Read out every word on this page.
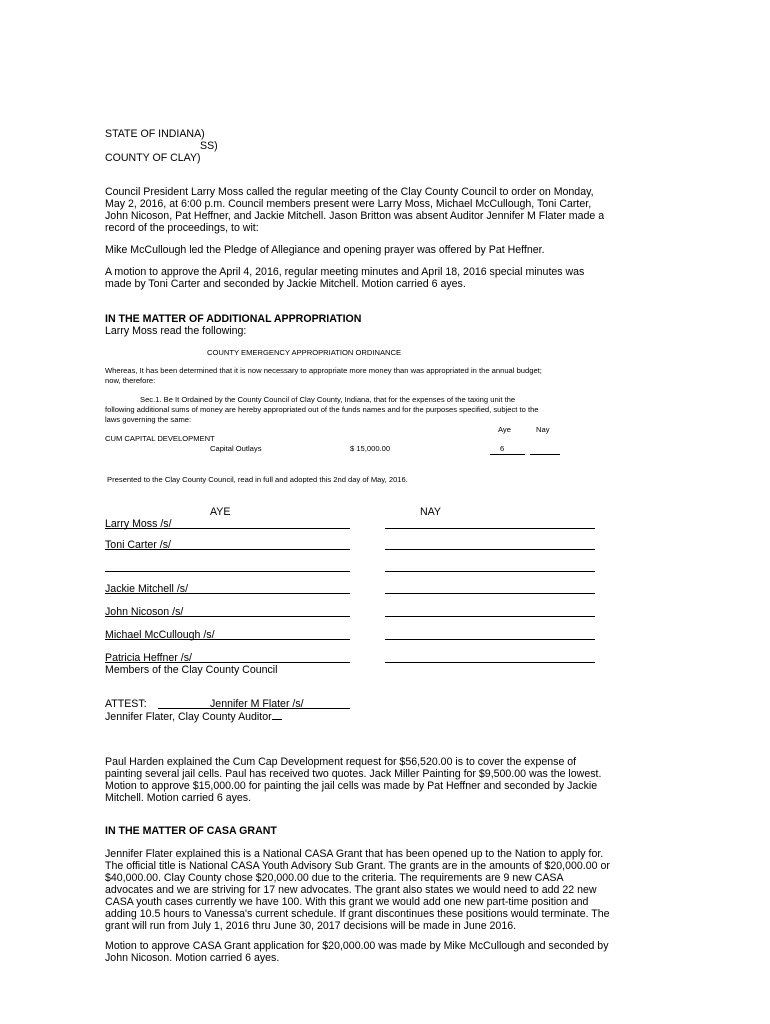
STATE OF INDIANA)
SS)
COUNTY OF CLAY)
Council President Larry Moss called the regular meeting of the Clay County Council to order on Monday,
May 2, 2016, at 6:00 p.m. Council members present were Larry Moss, Michael McCullough, Toni Carter,
John Nicoson, Pat Heffner, and Jackie Mitchell. Jason Britton was absent Auditor Jennifer M Flater made a
record of the proceedings, to wit:
Mike McCullough led the Pledge of Allegiance and opening prayer was offered by Pat Heffner.
A motion to approve the April 4, 2016, regular meeting minutes and April 18, 2016 special minutes was
made by Toni Carter and seconded by Jackie Mitchell. Motion carried 6 ayes.
IN THE MATTER OF ADDITIONAL APPROPRIATION
Larry Moss read the following:
COUNTY EMERGENCY APPROPRIATION ORDINANCE
Whereas, It has been determined that it is now necessary to appropriate more money than was appropriated in the annual budget;
now, therefore:
Sec.1. Be It Ordained by the County Council of Clay County, Indiana, that for the expenses of the taxing unit the
following additional sums of money are hereby appropriated out of the funds names and for the purposes specified, subject to the
laws governing the same:
Aye	Nay
CUM CAPITAL DEVELOPMENT
Capital Outlays	$ 15,000.00	6
Presented to the Clay County Council, read in full and adopted this 2nd day of May, 2016.
AYE	NAY
Larry Moss /s/
Toni Carter /s/
Jackie Mitchell /s/
John Nicoson /s/
Michael McCullough /s/
Patricia Heffner /s/
Members of the Clay County Council
ATTEST:	Jennifer M Flater /s/
Jennifer Flater, Clay County Auditor
Paul Harden explained the Cum Cap Development request for $56,520.00 is to cover the expense of
painting several jail cells. Paul has received two quotes. Jack Miller Painting for $9,500.00 was the lowest.
Motion to approve $15,000.00 for painting the jail cells was made by Pat Heffner and seconded by Jackie
Mitchell. Motion carried 6 ayes.
IN THE MATTER OF CASA GRANT
Jennifer Flater explained this is a National CASA Grant that has been opened up to the Nation to apply for.
The official title is National CASA Youth Advisory Sub Grant. The grants are in the amounts of $20,000.00 or
$40,000.00. Clay County chose $20,000.00 due to the criteria. The requirements are 9 new CASA
advocates and we are striving for 17 new advocates. The grant also states we would need to add 22 new
CASA youth cases currently we have 100. With this grant we would add one new part-time position and
adding 10.5 hours to Vanessa's current schedule. If grant discontinues these positions would terminate. The
grant will run from July 1, 2016 thru June 30, 2017 decisions will be made in June 2016.
Motion to approve CASA Grant application for $20,000.00 was made by Mike McCullough and seconded by
John Nicoson. Motion carried 6 ayes.
